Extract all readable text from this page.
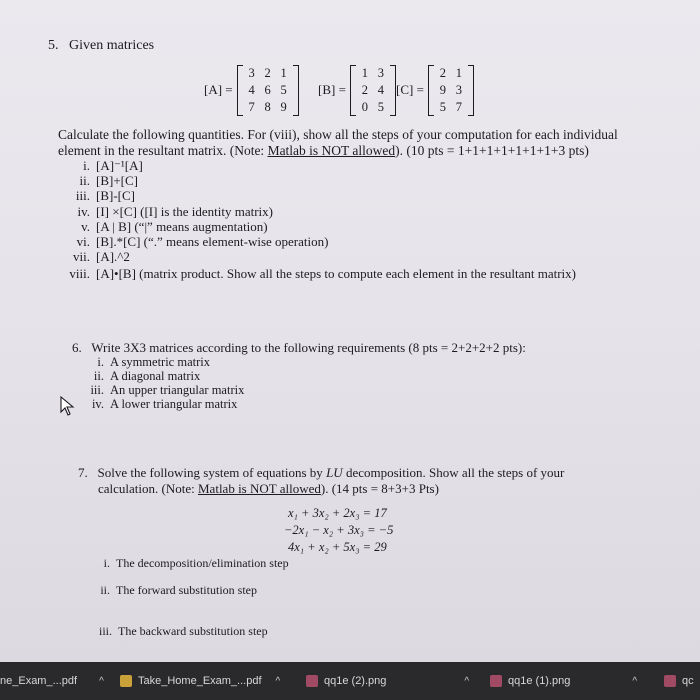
5. Given matrices
[A] =
3 2 1
4 6 5
7 8 9
[B] =
1 3
2 4
0 5
[C] =
2 1
9 3
5 7
Calculate the following quantities. For (viii), show all the steps of your computation for each individual
element in the resultant matrix. (Note: Matlab is NOT allowed). (10 pts = 1+1+1+1+1+1+1+3 pts)
i. [A]⁻¹[A]
ii. [B]+[C]
iii. [B]-[C]
iv. [I] ×[C] ([I] is the identity matrix)
v. [A | B] (“|” means augmentation)
vi. [B].*[C] (“.” means element-wise operation)
vii. [A].^2
viii. [A]•[B] (matrix product. Show all the steps to compute each element in the resultant matrix)
6. Write 3X3 matrices according to the following requirements (8 pts = 2+2+2+2 pts):
i. A symmetric matrix
ii. A diagonal matrix
iii. An upper triangular matrix
iv. A lower triangular matrix
7. Solve the following system of equations by LU decomposition. Show all the steps of your
calculation. (Note: Matlab is NOT allowed). (14 pts = 8+3+3 Pts)
x₁ + 3x₂ + 2x₃ = 17
−2x₁ − x₂ + 3x₃ = −5
4x₁ + x₂ + 5x₃ = 29
i. The decomposition/elimination step
ii. The forward substitution step
iii. The backward substitution step
ne_Exam_...pdf ^	Take_Home_Exam_...pdf ^	qq1e (2).png	^	qq1e (1).png	^	qc
